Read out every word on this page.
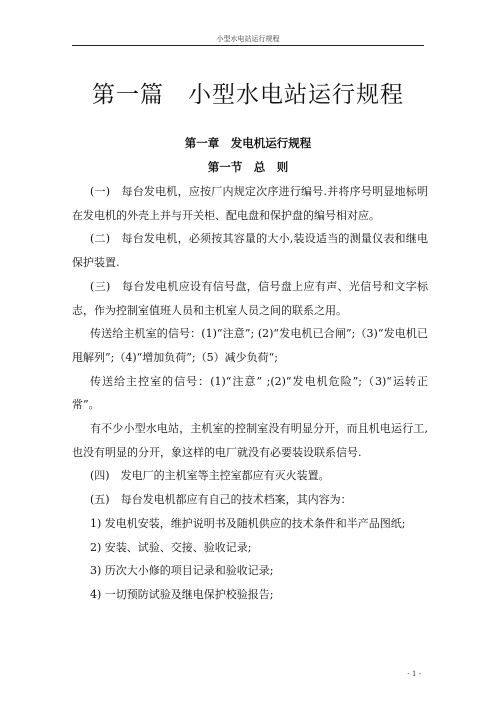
小型水电站运行规程
第一篇　小型水电站运行规程
第一章　发电机运行规程
第一节　总　则

(一)　每台发电机，应按厂内规定次序进行编号.并将序号明显地标明在发电机的外壳上并与开关柜、配电盘和保护盘的编号相对应。

(二)　每台发电机，必须按其容量的大小,装设适当的测量仪表和继电保护装置.

(三)　每台发电机应设有信号盘，信号盘上应有声、光信号和文字标志，作为控制室值班人员和主机室人员之间的联系之用。

传送给主机室的信号：(1)“注意”; (2)“发电机已合闸”;（3)“发电机已甩解列”;（4)“增加负荷”;（5）减少负荷“;

传送给主控室的信号：(1)“注意” ;(2)“发电机危险”;（3)“运转正常”。

有不少小型水电站，主机室的控制室没有明显分开，而且机电运行工,也没有明显的分开，象这样的电厂就没有必要装设联系信号.

(四)　发电厂的主机室等主控室都应有灭火装置。

(五)　每台发电机都应有自己的技术档案，其内容为：

1) 发电机安装，维护说明书及随机供应的技术条件和半产品图纸;

2) 安装、试验、交接、验收记录;

3) 历次大小修的项目记录和验收记录;

4) 一切预防试验及继电保护校验报告;

- 1 -
